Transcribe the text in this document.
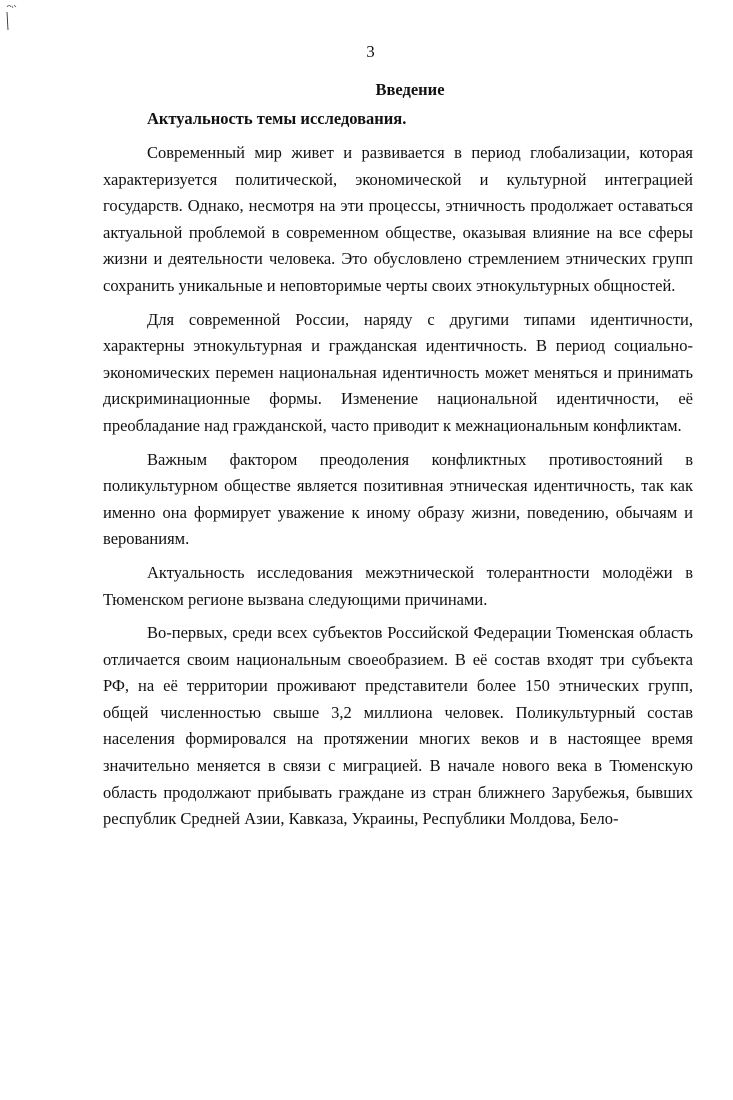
3
Введение
Актуальность темы исследования.

Современный мир живет и развивается в период глобализации, которая характеризуется политической, экономической и культурной интеграцией государств. Однако, несмотря на эти процессы, этничность продолжает оставаться актуальной проблемой в современном обществе, оказывая влияние на все сферы жизни и деятельности человека. Это обусловлено стремлением этнических групп сохранить уникальные и неповторимые черты своих этнокультурных общностей.

Для современной России, наряду с другими типами идентичности, характерны этнокультурная и гражданская идентичность. В период социально-экономических перемен национальная идентичность может меняться и принимать дискриминационные формы. Изменение национальной идентичности, её преобладание над гражданской, часто приводит к межнациональным конфликтам.

Важным фактором преодоления конфликтных противостояний в поликультурном обществе является позитивная этническая идентичность, так как именно она формирует уважение к иному образу жизни, поведению, обычаям и верованиям.

Актуальность исследования межэтнической толерантности молодёжи в Тюменском регионе вызвана следующими причинами.

Во-первых, среди всех субъектов Российской Федерации Тюменская область отличается своим национальным своеобразием. В её состав входят три субъекта РФ, на её территории проживают представители более 150 этнических групп, общей численностью свыше 3,2 миллиона человек. Поликультурный состав населения формировался на протяжении многих веков и в настоящее время значительно меняется в связи с миграцией. В начале нового века в Тюменскую область продолжают прибывать граждане из стран ближнего Зарубежья, бывших республик Средней Азии, Кавказа, Украины, Республики Молдова, Бело-
